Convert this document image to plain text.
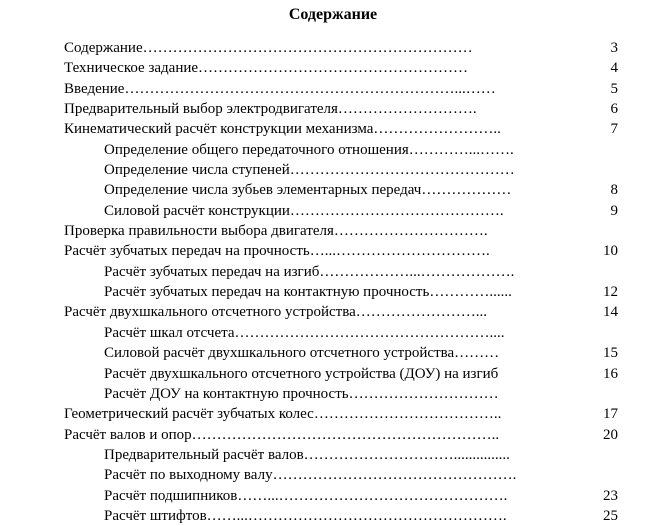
Содержание
Содержание…………………………………………………………	3
Техническое задание………………………………………………	4
Введение…………………………………………………………...……	5
Предварительный выбор электродвигателя……………………….	6
Кинематический расчёт конструкции механизма……………………..	7
Определение общего передаточного отношения…………...…….
Определение числа ступеней………………………………………
Определение числа зубьев элементарных передач………………	8
Силовой расчёт конструкции…………………………………….	9
Проверка правильности выбора двигателя………………………….
Расчёт зубчатых передач на прочность…...………………………….	10
Расчёт зубчатых передач на изгиб………………...……………….
Расчёт зубчатых передач на контактную прочность…………......	12
Расчёт двухшкального отсчетного устройства……………………...	14
Расчёт шкал отсчета……………………………………………....
Силовой расчёт двухшкального отсчетного устройства………	15
Расчёт двухшкального отсчетного устройства (ДОУ) на изгиб	16
Расчёт ДОУ на контактную прочность…………………………
Геометрический расчёт зубчатых колес………………………………..	17
Расчёт валов и опор……………………………………………………..	20
Предварительный расчёт валов…………………………...............
Расчёт по выходному валу………………………………………….
Расчёт подшипников……...……………………………………….	23
Расчёт штифтов……...…………………………………………….	25
